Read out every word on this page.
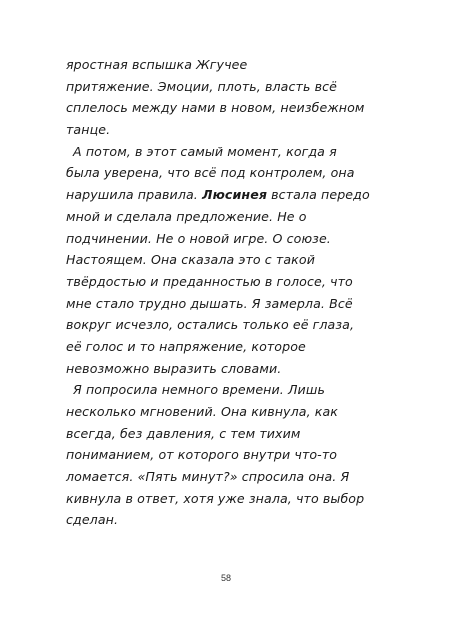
яростная вспышка Жгучее
притяжение. Эмоции, плоть, власть всё
сплелось между нами в новом, неизбежном
танце.
А потом, в этот самый момент, когда я
была уверена, что всё под контролем, она
нарушила правила. Люсинея встала передо
мной и сделала предложение. Не о
подчинении. Не о новой игре. О союзе.
Настоящем. Она сказала это с такой
твёрдостью и преданностью в голосе, что
мне стало трудно дышать. Я замерла. Всё
вокруг исчезло, остались только её глаза,
её голос и то напряжение, которое
невозможно выразить словами.
Я попросила немного времени. Лишь
несколько мгновений. Она кивнула, как
всегда, без давления, с тем тихим
пониманием, от которого внутри что-то
ломается. «Пять минут?» спросила она. Я
кивнула в ответ, хотя уже знала, что выбор
сделан.
58
